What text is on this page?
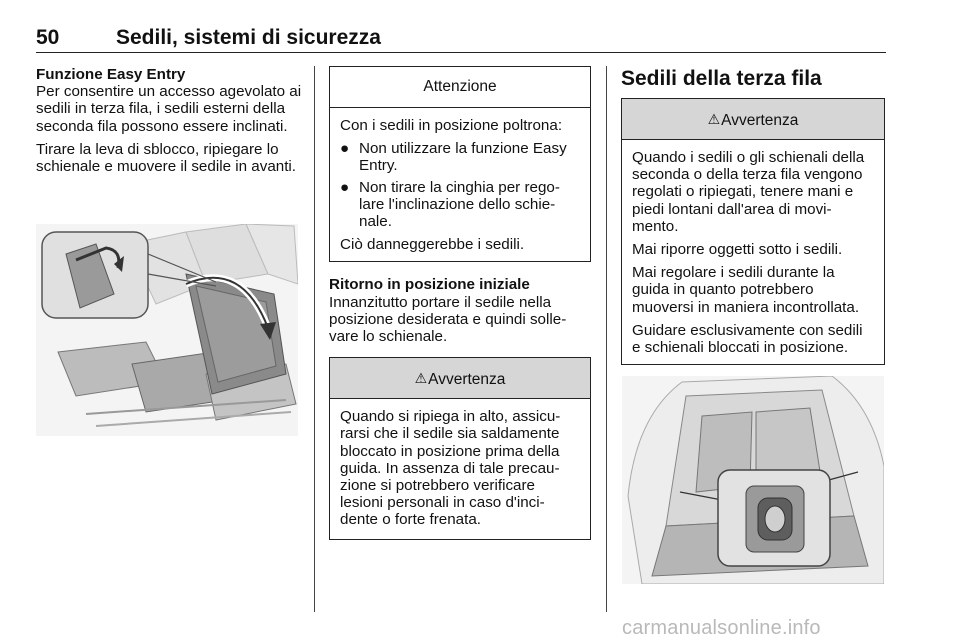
50	Sedili, sistemi di sicurezza

Funzione Easy Entry

Per consentire un accesso agevolato ai sedili in terza fila, i sedili esterni della seconda fila possono essere inclinati.

Tirare la leva di sblocco, ripiegare lo schienale e muovere il sedile in avanti.

Attenzione

Con i sedili in posizione poltrona:

● Non utilizzare la funzione Easy Entry.
● Non tirare la cinghia per rego- lare l'inclinazione dello schie- nale.

Ciò danneggerebbe i sedili.

Ritorno in posizione iniziale

Innanzitutto portare il sedile nella posizione desiderata e quindi solle- vare lo schienale.

⚠Avvertenza

Quando si ripiega in alto, assicu- rarsi che il sedile sia saldamente bloccato in posizione prima della guida. In assenza di tale precau- zione si potrebbero verificare lesioni personali in caso d'inci- dente o forte frenata.

Sedili della terza fila

⚠Avvertenza

Quando i sedili o gli schienali della seconda o della terza fila vengono regolati o ripiegati, tenere mani e piedi lontani dall'area di movi- mento.

Mai riporre oggetti sotto i sedili.

Mai regolare i sedili durante la guida in quanto potrebbero muoversi in maniera incontrollata.

Guidare esclusivamente con sedili e schienali bloccati in posizione.

carmanualsonline.info
